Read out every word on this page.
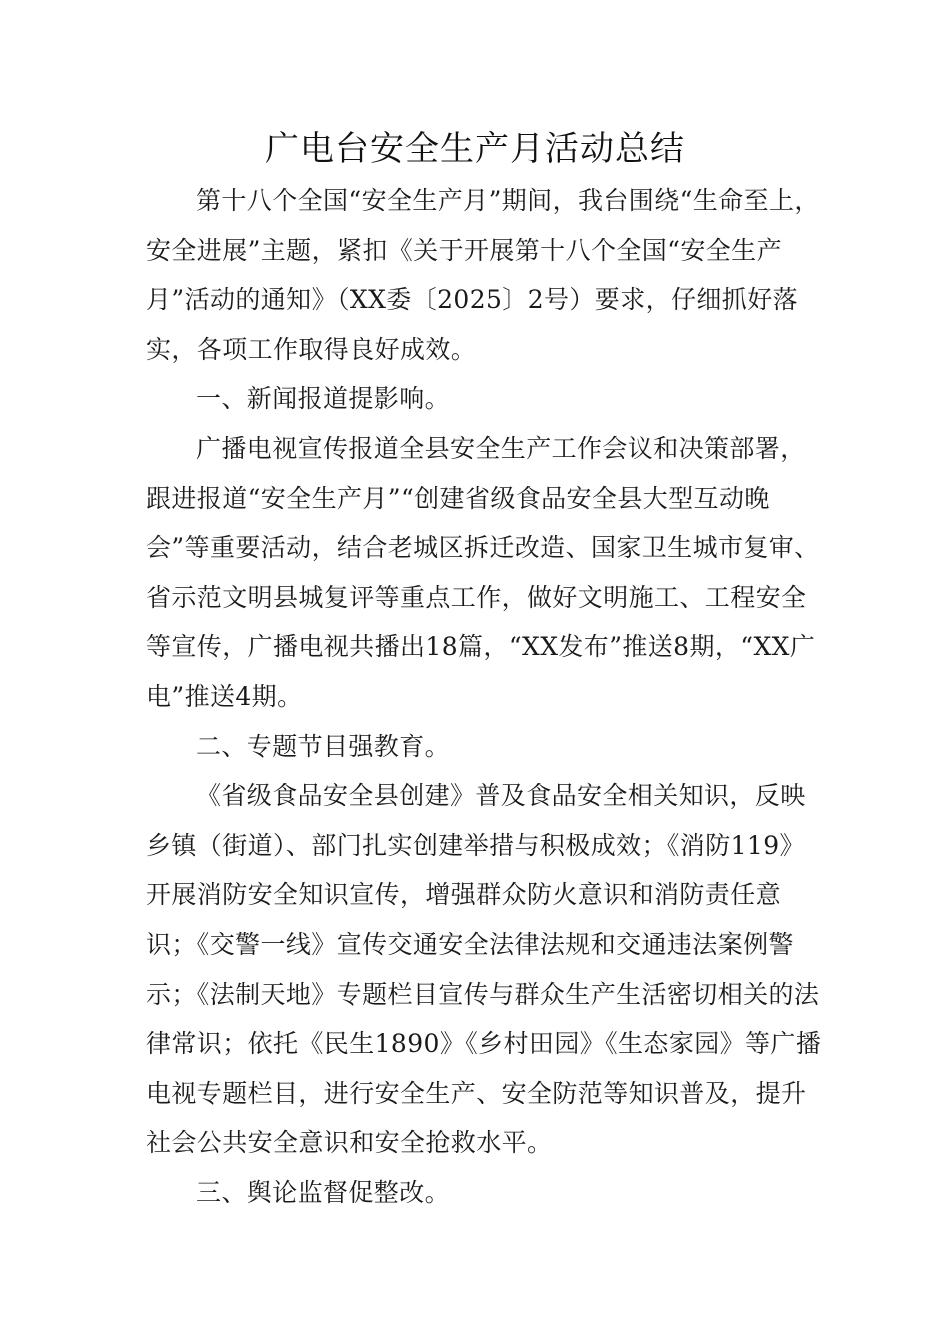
广电台安全生产月活动总结

第十八个全国“安全生产月”期间，我台围绕“生命至上，安全进展”主题，紧扣《关于开展第十八个全国“安全生产月”活动的通知》（XX委〔2025〕2号）要求，仔细抓好落实，各项工作取得良好成效。

一、新闻报道提影响。

广播电视宣传报道全县安全生产工作会议和决策部署，跟进报道“安全生产月”“创建省级食品安全县大型互动晚会”等重要活动，结合老城区拆迁改造、国家卫生城市复审、省示范文明县城复评等重点工作，做好文明施工、工程安全等宣传，广播电视共播出18篇，“XX发布”推送8期，“XX广电”推送4期。

二、专题节目强教育。

《省级食品安全县创建》普及食品安全相关知识，反映乡镇（街道）、部门扎实创建举措与积极成效；《消防119》开展消防安全知识宣传，增强群众防火意识和消防责任意识；《交警一线》宣传交通安全法律法规和交通违法案例警示；《法制天地》专题栏目宣传与群众生产生活密切相关的法律常识；依托《民生1890》《乡村田园》《生态家园》等广播电视专题栏目，进行安全生产、安全防范等知识普及，提升社会公共安全意识和安全抢救水平。

三、舆论监督促整改。
